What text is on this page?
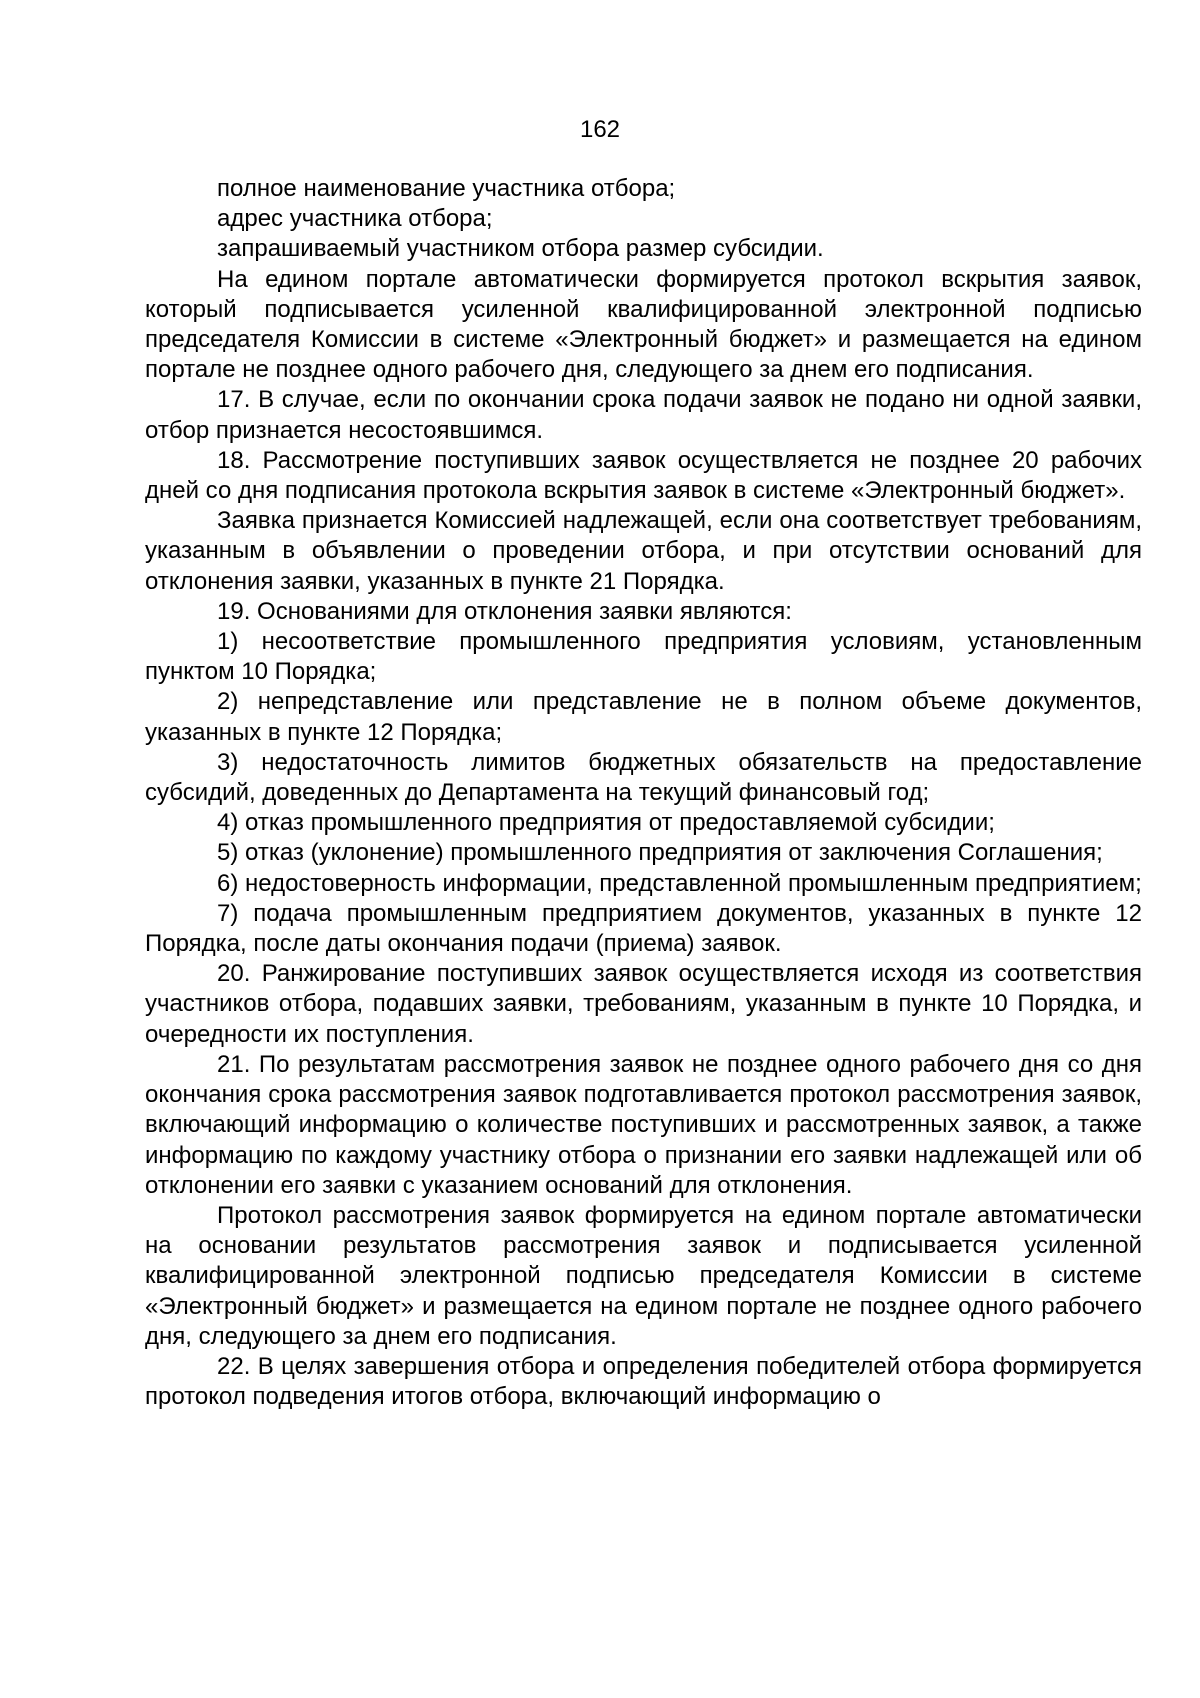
162

полное наименование участника отбора;

адрес участника отбора;

запрашиваемый участником отбора размер субсидии.

На едином портале автоматически формируется протокол вскрытия заявок, который подписывается усиленной квалифицированной электронной подписью председателя Комиссии в системе «Электронный бюджет» и размещается на едином портале не позднее одного рабочего дня, следующего за днем его подписания.

17. В случае, если по окончании срока подачи заявок не подано ни одной заявки, отбор признается несостоявшимся.

18. Рассмотрение поступивших заявок осуществляется не позднее 20 рабочих дней со дня подписания протокола вскрытия заявок в системе «Электронный бюджет».

Заявка признается Комиссией надлежащей, если она соответствует требованиям, указанным в объявлении о проведении отбора, и при отсутствии оснований для отклонения заявки, указанных в пункте 21 Порядка.

19. Основаниями для отклонения заявки являются:

1) несоответствие промышленного предприятия условиям, установленным пунктом 10 Порядка;

2) непредставление или представление не в полном объеме документов, указанных в пункте 12 Порядка;

3) недостаточность лимитов бюджетных обязательств на предоставление субсидий, доведенных до Департамента на текущий финансовый год;

4) отказ промышленного предприятия от предоставляемой субсидии;

5) отказ (уклонение) промышленного предприятия от заключения Соглашения;

6) недостоверность информации, представленной промышленным предприятием;

7) подача промышленным предприятием документов, указанных в пункте 12 Порядка, после даты окончания подачи (приема) заявок.

20. Ранжирование поступивших заявок осуществляется исходя из соответствия участников отбора, подавших заявки, требованиям, указанным в пункте 10 Порядка, и очередности их поступления.

21. По результатам рассмотрения заявок не позднее одного рабочего дня со дня окончания срока рассмотрения заявок подготавливается протокол рассмотрения заявок, включающий информацию о количестве поступивших и рассмотренных заявок, а также информацию по каждому участнику отбора о признании его заявки надлежащей или об отклонении его заявки с указанием оснований для отклонения.

Протокол рассмотрения заявок формируется на едином портале автоматически на основании результатов рассмотрения заявок и подписывается усиленной квалифицированной электронной подписью председателя Комиссии в системе «Электронный бюджет» и размещается на едином портале не позднее одного рабочего дня, следующего за днем его подписания.

22. В целях завершения отбора и определения победителей отбора формируется протокол подведения итогов отбора, включающий информацию о
